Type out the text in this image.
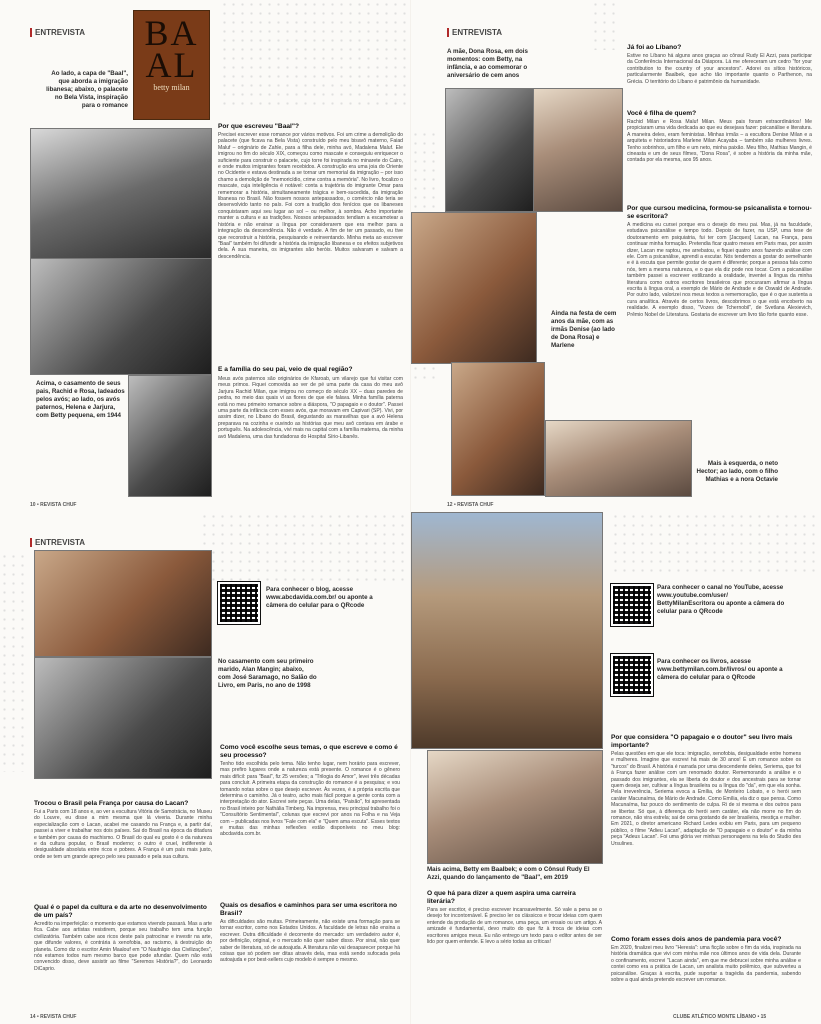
ENTREVISTA BA AL
betty milan
Ao lado, a capa de "Baal", que aborda a imigração libanesa; abaixo, o palacete no Bela Vista, inspiração para o romance
Acima, o casamento de seus pais, Rachid e Rosa, ladeados pelos avós; ao lado, os avós paternos, Helena e Jarjura, com Betty pequena, em 1944
Por que escreveu "Baal"?
Precisei escrever esse romance por vários motivos. Foi um crime a demolição do palacete (que ficava na Bela Vista) construído pelo meu bisavô materno, Faiad Maluf – originário de Zahle, para a filha dele, minha avó, Madalena Maluf. Ele imigrou no fim do século XIX, começou como mascate e conseguiu enriquecer o suficiente para construir o palacete, cujo torre foi inspirada no minarete do Cairo, e onde muitos imigrantes foram recebidos. A construção era uma joia do Oriente no Ocidente e estava destinada a se tornar um memorial da imigração – por isso chamo a demolição de "memoricídio, crime contra a memória". No livro, focalizo o mascate, cuja inteligência é notável: conta a trajetória do imigrante Omar para rememorar a história, simultaneamente trágica e bem-sucedida, da imigração libanesa no Brasil. Não fossem nossos antepassados, o comércio não teria se desenvolvido tanto no país. Foi com a tradição dos fenícios que os libaneses conquistaram aqui seu lugar ao sol – ou melhor, à sombra. Acho importante manter a cultura e as tradições. Nossos antepassados tendiam a escamotear a história e não ensinar a língua por considerarem que era melhor para a integração da descendência. Não é verdade. A fim de ter um passado, eu tive que reconstruir a história, pesquisando e reinventando. Minha meta ao escrever "Baal" também foi difundir a história da imigração libanesa e os efeitos subjetivos dela. À sua maneira, os imigrantes são heróis. Muitos salvaram e salvam a descendência.
E a família do seu pai, veio de qual região?
Meus avós paternos são originários de Kfaroab, um vilarejo que fui visitar com meus primos. Fiquei comovida ao ver de pé uma parte da casa do meu avô Jarjura Rachid Milan, que imigrou no começo do século XX – duas paredes de pedra, no meio das quais vi as flores de que ele falava. Minha família paterna está no meu primeiro romance sobre a diáspora, "O papagaio e o doutor". Passei uma parte da infância com esses avós, que moravam em Capivari (SP). Vivi, por assim dizer, no Líbano do Brasil, degustando as maravilhas que a avó Helena preparava na cozinha e ouvindo as histórias que meu avô contava em árabe e português. Na adolescência, vivi mais na capital com a família materna, da minha avó Madalena, uma das fundadoras do Hospital Sírio-Libanês.
10 • REVISTA CHUF
ENTREVISTA
A mãe, Dona Rosa, em dois momentos: com Betty, na infância, e ao comemorar o aniversário de cem anos
Ainda na festa de cem anos da mãe, com as irmãs Denise (ao lado de Dona Rosa) e Marlene
Mais à esquerda, o neto Hector; ao lado, com o filho Mathias e a nora Octavie
Já foi ao Líbano?
Estive no Líbano há alguns anos graças ao cônsul Rudy El Azzi, para participar da Conferência Internacional da Diáspora. Lá me ofereceram um cedro "for your contribution to the country of your ancestors". Adorei os sítios históricos, particularmente Baalbek, que acho tão importante quanto o Parthenon, na Grécia. O território do Líbano é patrimônio da humanidade.
Você é filha de quem?
Rachid Milan e Rosa Maluf Milan. Meus pais foram extraordinários! Me propiciaram uma vida dedicada ao que eu desejava fazer: psicanálise e literatura. A maneira deles, eram feministas. Minhas irmãs – a escultora Denise Milan e a arquiteta e historiadora Marlene Milan Acayaba – também são mulheres livres. Tenho sobrinhos, um filho e um neto, minha paixão. Meu filho, Mathias Mangin, é cineasta e um de seus filmes, "Dona Rosa", é sobre a história da minha mãe, contada por ela mesma, aos 95 anos.
Por que cursou medicina, formou-se psicanalista e tornou-se escritora?
A medicina eu cursei porque era o desejo do meu pai. Mas, já na faculdade, estudava psicanálise e tempo todo. Depois de fazer, na USP, uma tese de doutoramento em psiquiatria, fui ter com [Jacques] Lacan, na França, para continuar minha formação. Pretendia ficar quatro meses em Paris mas, por assim dizer, Lacan me raptou, me arrebatou, e fiquei quatro anos fazendo análise com ele. Com a psicanálise, aprendi a escutar. Nós tendemos a gostar do semelhante e é à escuta que permite gostar de quem é diferente; porque a pessoa fala como nós, tem a mesma natureza, e o que ela diz pode nos tocar. Com a psicanálise também passei a escrever estilizando a oralidade, inventei a língua da minha literatura como outros escritores brasileiros que procuraram afirmar a língua escrita à língua oral, a exemplo de Mário de Andrade e de Oswald de Andrade. Por outro lado, valorizei nos meus textos a rememoração, que é o que sustenta a cura analítica. Através de certos livros, descobrimos o que está encoberto na realidade. A exemplo disso, "Vozes de Tchernobil", de Svetlana Alexievich, Prêmio Nobel de Literatura. Gostaria de escrever um livro tão forte quanto esse.
12 • REVISTA CHUF
ENTREVISTA
Para conhecer o blog, acesse www.abcdavida.com.br/ ou aponte a câmera do celular para o QRcode
No casamento com seu primeiro marido, Alan Mangin; abaixo, com José Saramago, no Salão do Livro, em Paris, no ano de 1998
Trocou o Brasil pela França por causa do Lacan?
Fui a Paris com 18 anos e, ao ver a escultura Vitória de Samotrácia, no Museu do Louvre, eu disse a mim mesma que lá viveria. Durante minha especialização com o Lacan, acabei me casando na França e, a partir daí, passei a viver e trabalhar nos dois países. Sai do Brasil na época da ditadura e também por causa do machismo. O Brasil do qual eu gosto é o da natureza e da cultura popular, o Brasil moderno; o outro é cruel, indiferente à desigualdade absoluta entre ricos e pobres. A França é um país mais justo, onde se tem um grande apreço pelo seu passado e pela sua cultura.
Qual é o papel da cultura e da arte no desenvolvimento de um país?
Acredito na imperfeição: o momento que estamos vivendo passará. Mas a arte fica. Cabe aos artistas resistirem, porque seu trabalho tem uma função civilizatória. Também cabe aos ricos deste país patrocinar e investir na arte, que difunde valores, é contrária à xenofobia, ao racismo, à destruição do planeta. Como diz o escritor Amin Maalouf em "O Naufrágio das Civilizações", nós estamos todos num mesmo barco que pode afundar. Quem não está convencido disso, deve assistir ao filme "Seremos História?", do Leonardo DiCaprio.
Como você escolhe seus temas, o que escreve e como é seu processo?
Tenho tido escolhida pelo tema. Não tenho lugar, nem horário para escrever, mas prefiro lugares onde a natureza está presente. O romance é o gênero mais difícil: para "Baal", fiz 25 versões; a "Trilogia do Amor", levei três décadas para concluir. A primeira etapa da construção do romance é a pesquisa; e vou tomando notas sobre o que desejo escrever. Às vezes, é a própria escrita que determina o caminho. Já o teatro, acho mais fácil porque a gente conta com a interpretação do ator. Escrevi sete peças. Uma delas, "Paixão", foi apresentada no Brasil inteiro por Nathália Timberg. Na imprensa, meu principal trabalho foi o "Consultório Sentimental", colunas que escrevi por anos na Folha e na Veja com – publicadas nos livros "Fale com ela" e "Quem ama escuta". Esses textos e muitas das minhas reflexões estão disponíveis no meu blog: abcdavida.com.br.
Quais os desafios e caminhos para ser uma escritora no Brasil?
As dificuldades são muitas. Primeiramente, não existe uma formação para se tornar escritor, como nos Estados Unidos. A faculdade de letras não ensina a escrever. Outra dificuldade é decorrente do mercado: um verdadeiro autor é, por definição, original, e o mercado não quer saber disso. Por sinal, não quer saber de literatura, só de autoajuda. A literatura não vai desaparecer porque há coisas que só podem ser ditas através dela, mas está sendo sufocada pela autoajuda e por best-sellers cujo modelo é sempre o mesmo.
14 • REVISTA CHUF
Mais acima, Betty em Baalbek; e com o Cônsul Rudy El Azzi, quando do lançamento de "Baal", em 2019
Para conhecer o canal no YouTube, acesse www.youtube.com/user/ BettyMilanEscritora ou aponte a câmera do celular para o QRcode
Para conhecer os livros, acesse www.bettymilan.com.br/livros/ ou aponte a câmera do celular para o QRcode
O que há para dizer a quem aspira uma carreira literária?
Para ser escritor, é preciso escrever incansavelmente. Só vale a pena se o desejo for incontornável. É preciso ler os clássicos e trocar ideias com quem entende da produção de um romance, uma peça, um ensaio ou um artigo. A amizade é fundamental, devo muito do que fiz à troca de ideias com escritores amigos meus. Eu não entrego um texto para o editor antes de ser lido por quem entende. E levo a sério todas as críticas!
Por que considera "O papagaio e o doutor" seu livro mais importante?
Pelas questões em que ele toca: imigração, xenofobia, desigualdade entre homens e mulheres. Imagine que escrevi há mais de 30 anos! É um romance sobre os "turcos" do Brasil. A história é narrada por uma descendente deles, Seriema, que foi à França fazer análise com um renomado doutor. Rememorando a análise e o passado dos imigrantes, ela se liberta do doutor e dos ancestrais para se tornar quem deseja ser, cultivar a língua brasileira ou a língua do "da", em que ela sonha. Pela irreverência, Seriema evoca a Emília, de Monteiro Lobato, e o herói sem caráter Macunaíma, de Mário de Andrade. Como Emília, ela diz o que pensa. Como Macunaíma, faz pouco do sentimento de culpa. Ri de si mesma e dos outros para se libertar. Só que, à diferença do herói sem caráter, ela não morre no fim do romance, não vira estrela; sai de cena gostando de ser brasileira, mestiça e mulher. Em 2021, o diretor americano Richard Ledes exibiu em Paris, para um pequeno público, o filme "Adieu Lacan", adaptação de "O papagaio e o doutor" e da minha peça "Adeus Lacan". Foi uma glória ver minhas personagens na tela do Studio des Ursulines.
Como foram esses dois anos de pandemia para você?
Em 2020, finalizei meu livro "Heresia": uma ficção sobre o fim da vida, inspirada na história dramática que vivi com minha mãe nos últimos anos de vida dela. Durante o confinamento, escrevi "Lacan ainda", em que me debrucei sobre minha análise e contei como era a prática de Lacan, um analista muito polêmico, que subverteu a psicanálise. Graças à escrita, pude suportar a tragédia da pandemia, sabendo sobre a qual ainda pretendo escrever um romance.
CLUBE ATLÉTICO MONTE LÍBANO • 15
